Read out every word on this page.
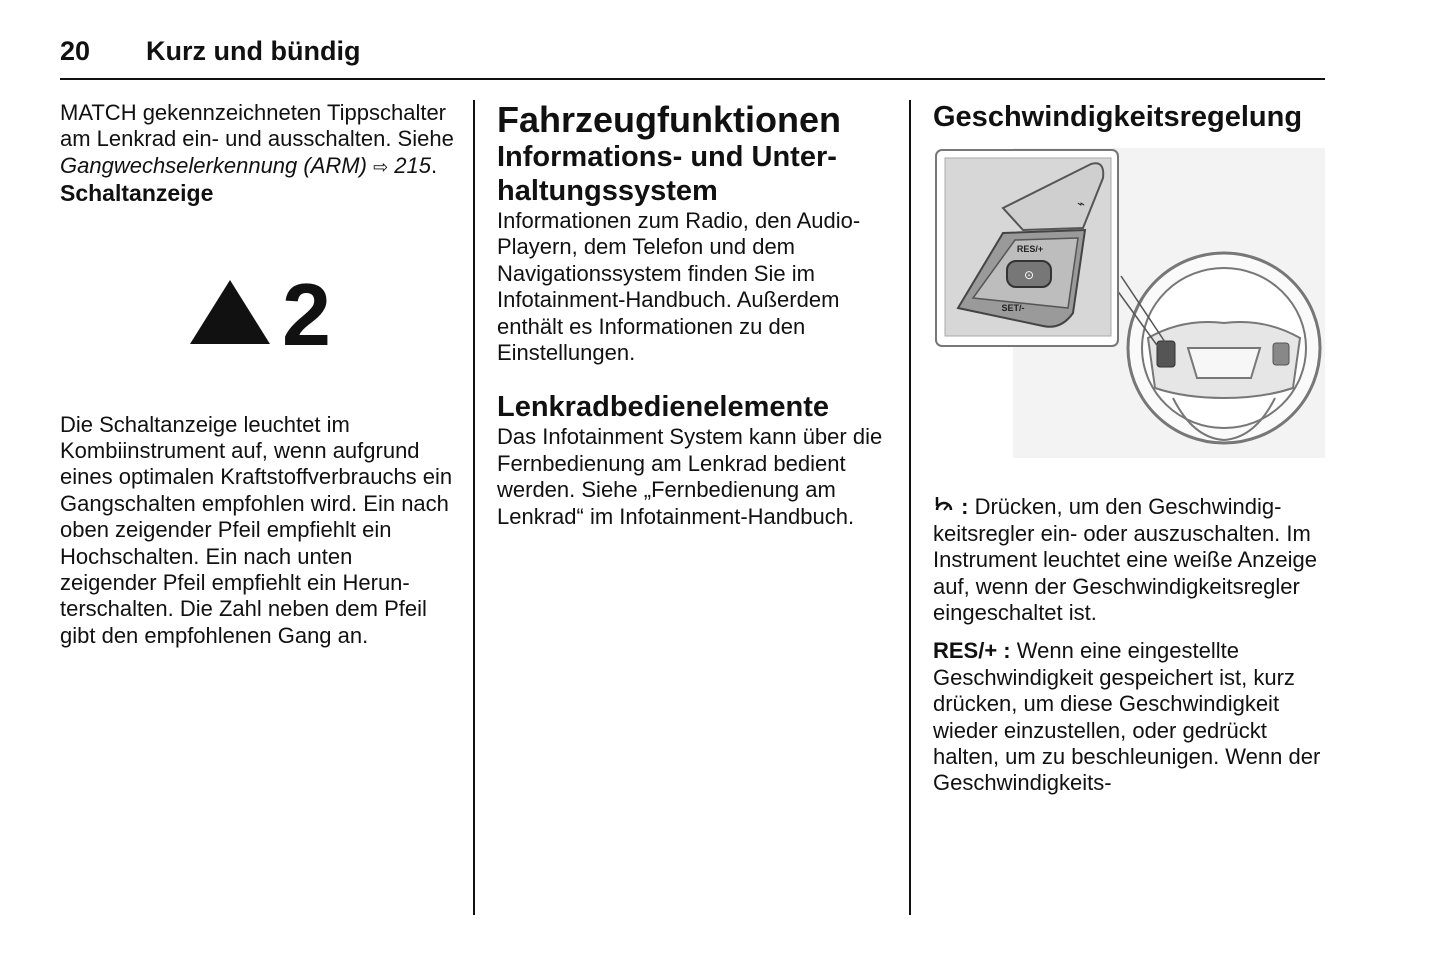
20 Kurz und bündig

MATCH gekennzeichneten Tippschalter am Lenkrad ein- und ausschalten. Siehe Gangwechselerkennung (ARM) ⇨ 215.

Schaltanzeige

2

Die Schaltanzeige leuchtet im Kombiinstrument auf, wenn aufgrund eines optimalen Kraftstoffverbrauchs ein Gangschalten empfohlen wird. Ein nach oben zeigender Pfeil empfiehlt ein Hochschalten. Ein nach unten zeigender Pfeil empfiehlt ein Herunterschalten. Die Zahl neben dem Pfeil gibt den empfohlenen Gang an.

Fahrzeugfunktionen

Informations- und Unterhaltungssystem

Informationen zum Radio, den Audio-Playern, dem Telefon und dem Navigationssystem finden Sie im Infotainment-Handbuch. Außerdem enthält es Informationen zu den Einstellungen.

Lenkradbedienelemente

Das Infotainment System kann über die Fernbedienung am Lenkrad bedient werden. Siehe „Fernbedienung am Lenkrad“ im Infotainment-Handbuch.

Geschwindigkeitsregelung

⊙
RES/+
SET/-
⌁

: Drücken, um den Geschwindigkeitsregler ein- oder auszuschalten. Im Instrument leuchtet eine weiße Anzeige auf, wenn der Geschwindigkeitsregler eingeschaltet ist.

RES/+ : Wenn eine eingestellte Geschwindigkeit gespeichert ist, kurz drücken, um diese Geschwindigkeit wieder einzustellen, oder gedrückt halten, um zu beschleunigen. Wenn der Geschwindigkeits-
